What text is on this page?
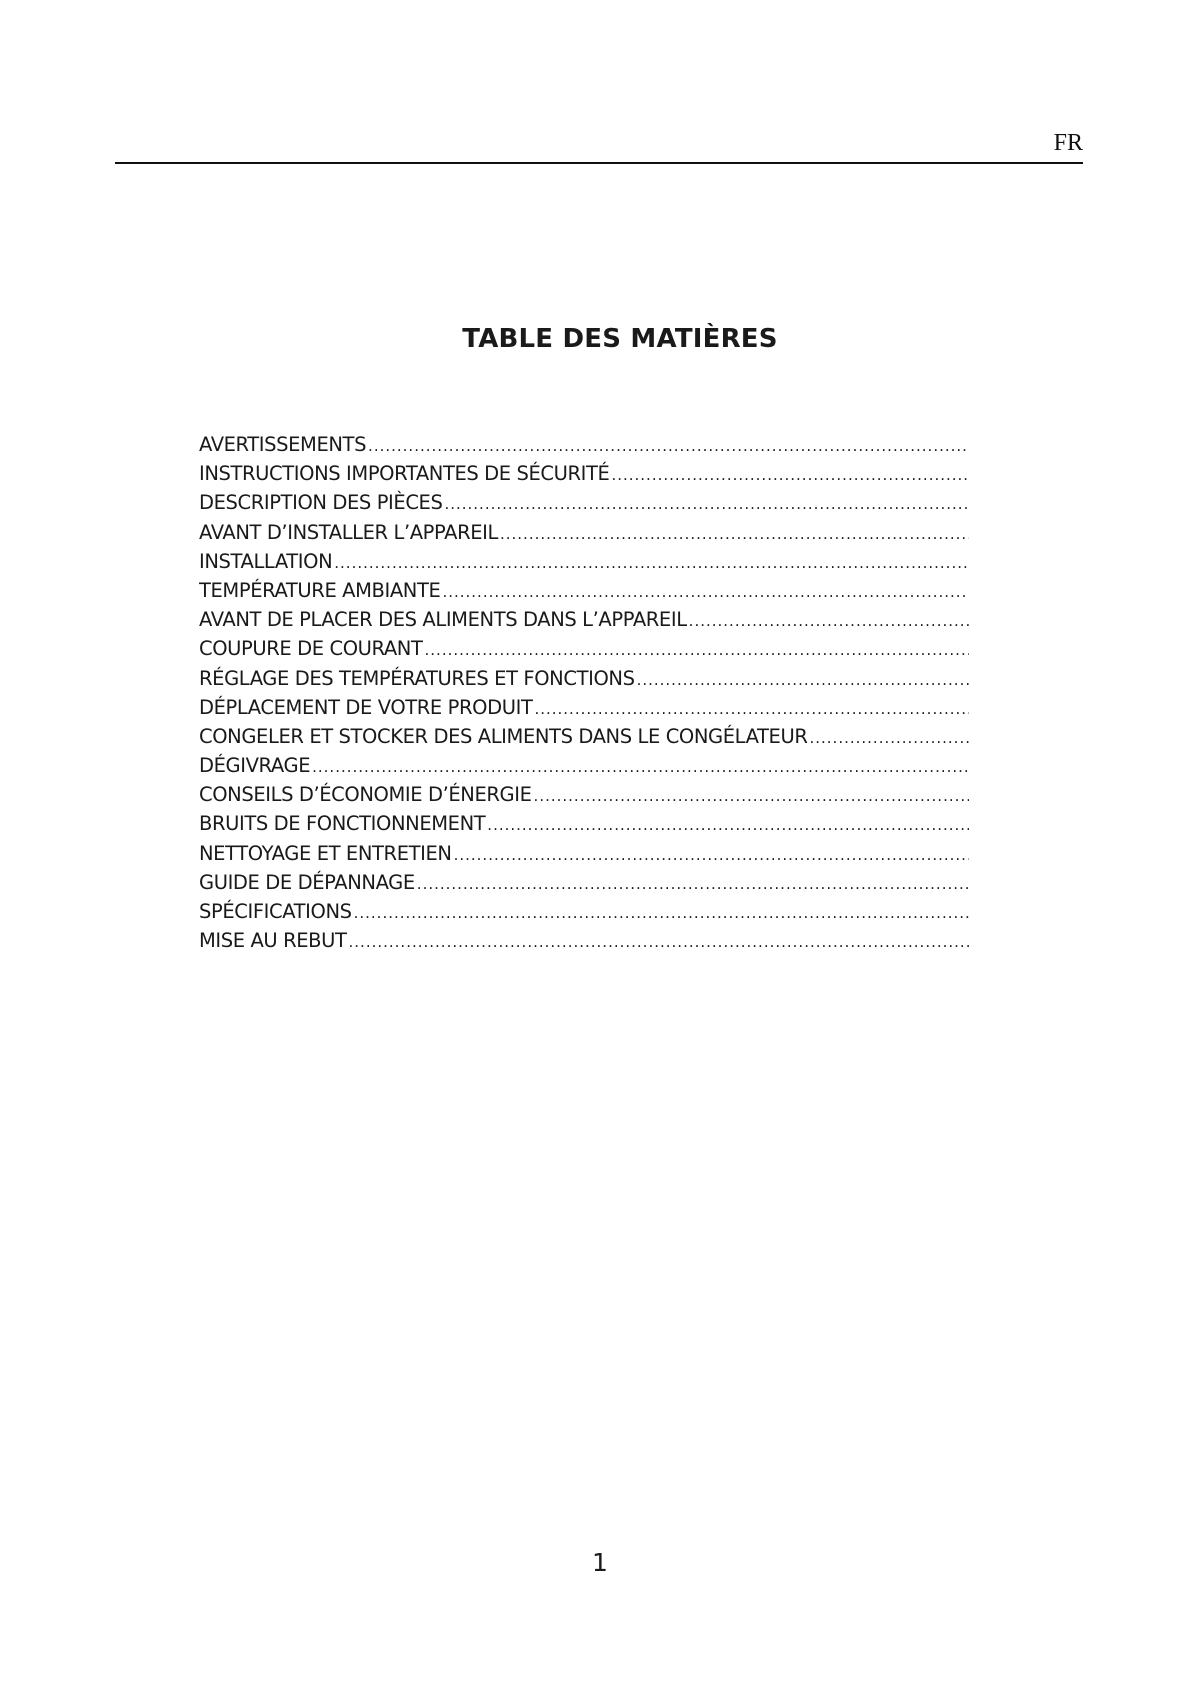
FR
TABLE DES MATIÈRES
AVERTISSEMENTS
.....
INSTRUCTIONS IMPORTANTES DE SÉCURITÉ
.....
DESCRIPTION DES PIÈCES
.....
AVANT D’INSTALLER L’APPAREIL
.....
INSTALLATION
.....
TEMPÉRATURE AMBIANTE
.....
AVANT DE PLACER DES ALIMENTS DANS L’APPAREIL
.....
COUPURE DE COURANT
.....
RÉGLAGE DES TEMPÉRATURES ET FONCTIONS
.....
DÉPLACEMENT DE VOTRE PRODUIT
.....
CONGELER ET STOCKER DES ALIMENTS DANS LE CONGÉLATEUR
.....
DÉGIVRAGE
.....
CONSEILS D’ÉCONOMIE D’ÉNERGIE
.....
BRUITS DE FONCTIONNEMENT
.....
NETTOYAGE ET ENTRETIEN
.....
GUIDE DE DÉPANNAGE
.....
SPÉCIFICATIONS
.....
MISE AU REBUT
.....
1
